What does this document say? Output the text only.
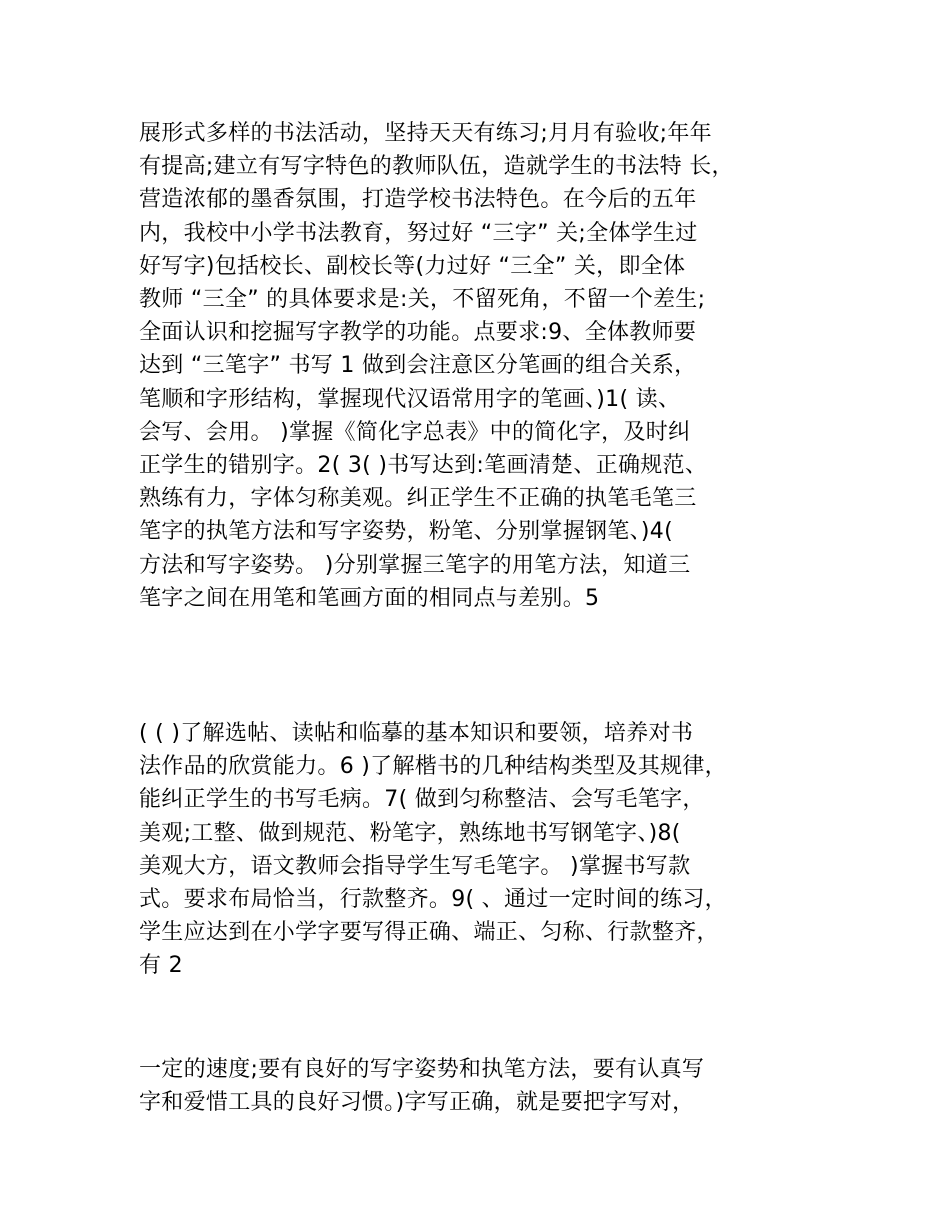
展形式多样的书法活动，坚持天天有练习;月月有验收;年年
有提高;建立有写字特色的教师队伍，造就学生的书法特 长，
营造浓郁的墨香氛围，打造学校书法特色。在今后的五年
内，我校中小学书法教育，努过好 “三字” 关;全体学生过
好写字)包括校长、副校长等(力过好 “三全” 关，即全体
教师 “三全” 的具体要求是:关，不留死角，不留一个差生;
全面认识和挖掘写字教学的功能。点要求:9、全体教师要
达到 “三笔字” 书写 1 做到会注意区分笔画的组合关系，
笔顺和字形结构，掌握现代汉语常用字的笔画、)1( 读、
会写、会用。 )掌握《简化字总表》中的简化字，及时纠
正学生的错别字。2( 3( )书写达到:笔画清楚、正确规范、
熟练有力，字体匀称美观。纠正学生不正确的执笔毛笔三
笔字的执笔方法和写字姿势，粉笔、分别掌握钢笔、)4(
方法和写字姿势。 )分别掌握三笔字的用笔方法，知道三
笔字之间在用笔和笔画方面的相同点与差别。5
( ( )了解选帖、读帖和临摹的基本知识和要领，培养对书
法作品的欣赏能力。6 )了解楷书的几种结构类型及其规律，
能纠正学生的书写毛病。7( 做到匀称整洁、会写毛笔字，
美观;工整、做到规范、粉笔字，熟练地书写钢笔字、)8(
美观大方，语文教师会指导学生写毛笔字。 )掌握书写款
式。要求布局恰当，行款整齐。9( 、通过一定时间的练习，
学生应达到在小学字要写得正确、端正、匀称、行款整齐，
有 2
一定的速度;要有良好的写字姿势和执笔方法，要有认真写
字和爱惜工具的良好习惯。)字写正确，就是要把字写对，
